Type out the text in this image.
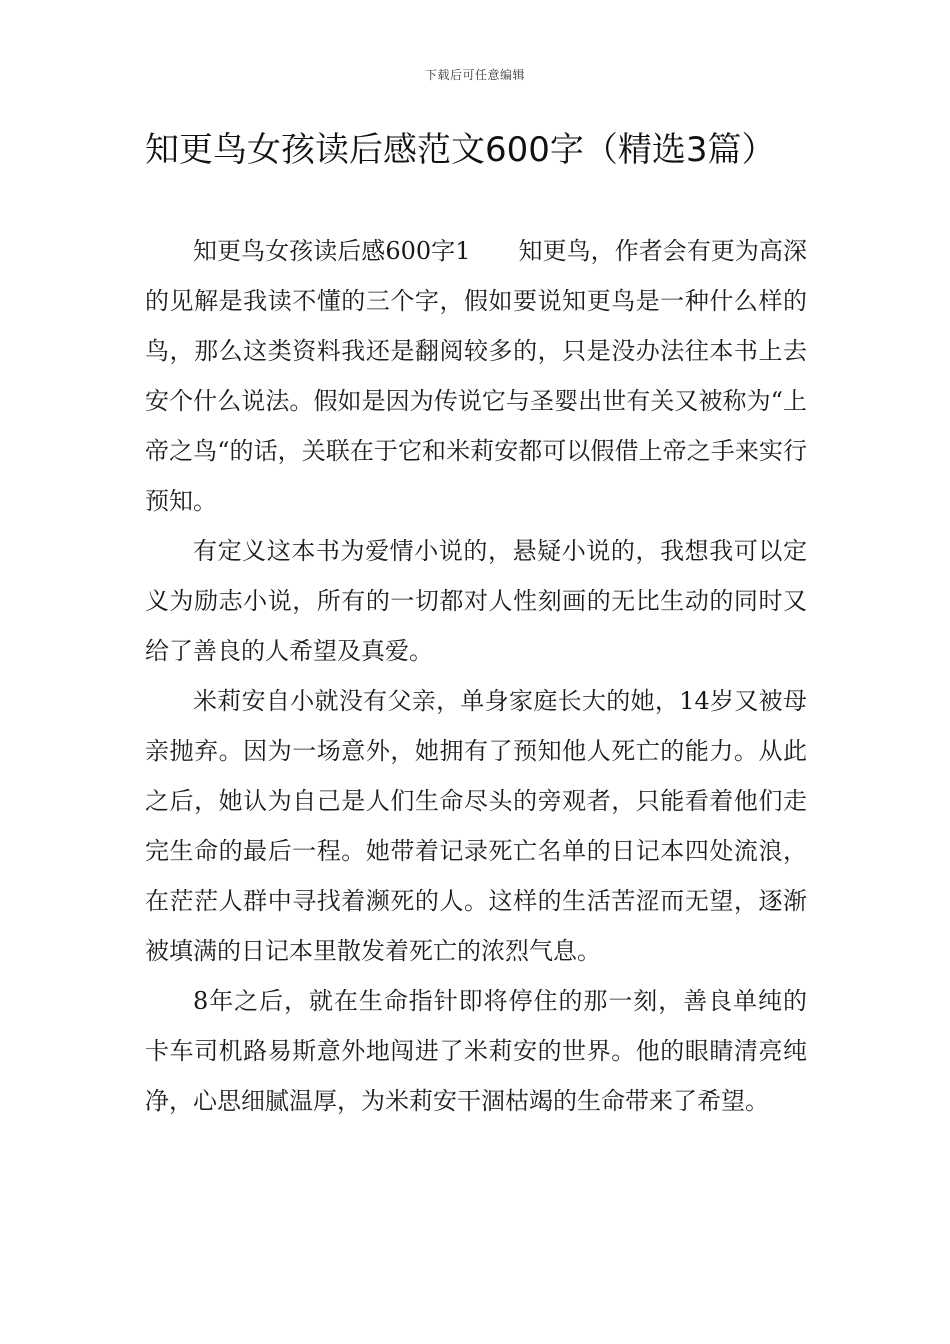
下载后可任意编辑
知更鸟女孩读后感范文600字（精选3篇）

知更鸟女孩读后感600字1 知更鸟，作者会有更为高深的见解是我读不懂的三个字，假如要说知更鸟是一种什么样的鸟，那么这类资料我还是翻阅较多的，只是没办法往本书上去安个什么说法。假如是因为传说它与圣婴出世有关又被称为“上帝之鸟“的话，关联在于它和米莉安都可以假借上帝之手来实行预知。

有定义这本书为爱情小说的，悬疑小说的，我想我可以定义为励志小说，所有的一切都对人性刻画的无比生动的同时又给了善良的人希望及真爱。

米莉安自小就没有父亲，单身家庭长大的她，14岁又被母亲抛弃。因为一场意外，她拥有了预知他人死亡的能力。从此之后，她认为自己是人们生命尽头的旁观者，只能看着他们走完生命的最后一程。她带着记录死亡名单的日记本四处流浪，在茫茫人群中寻找着濒死的人。这样的生活苦涩而无望，逐渐被填满的日记本里散发着死亡的浓烈气息。

8年之后，就在生命指针即将停住的那一刻，善良单纯的卡车司机路易斯意外地闯进了米莉安的世界。他的眼睛清亮纯净，心思细腻温厚，为米莉安干涸枯竭的生命带来了希望。
